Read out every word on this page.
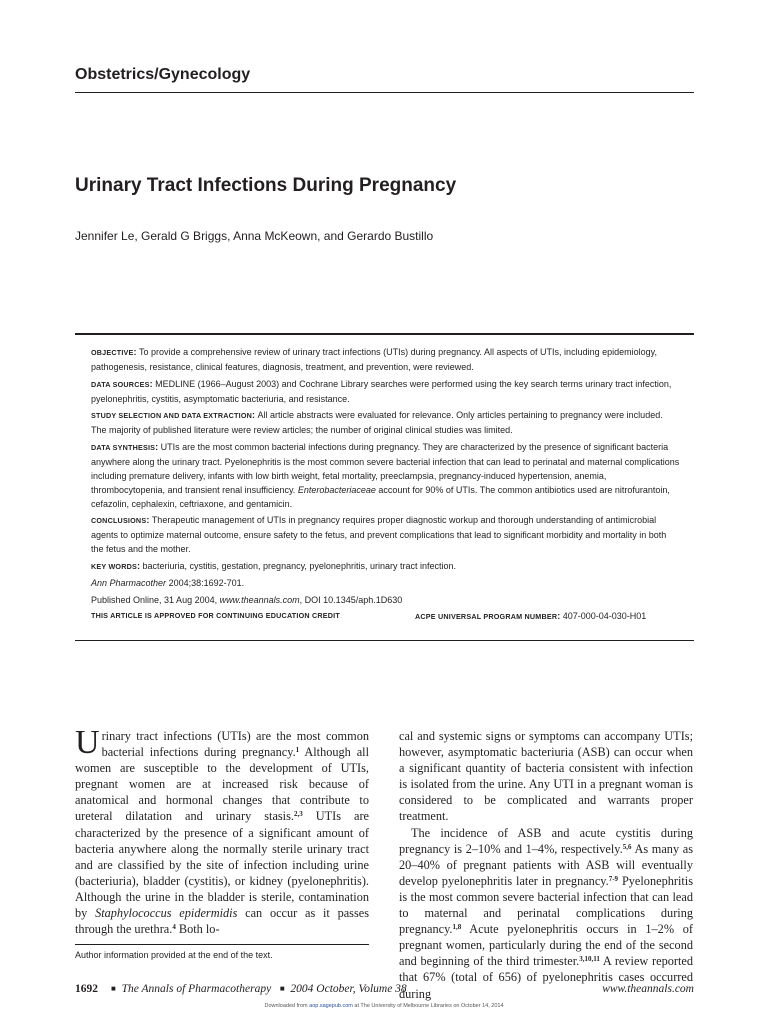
Obstetrics/Gynecology
Urinary Tract Infections During Pregnancy

Jennifer Le, Gerald G Briggs, Anna McKeown, and Gerardo Bustillo

OBJECTIVE: To provide a comprehensive review of urinary tract infections (UTIs) during pregnancy. All aspects of UTIs, including epidemiology, pathogenesis, resistance, clinical features, diagnosis, treatment, and prevention, were reviewed.

DATA SOURCES: MEDLINE (1966–August 2003) and Cochrane Library searches were performed using the key search terms urinary tract infection, pyelonephritis, cystitis, asymptomatic bacteriuria, and resistance.

STUDY SELECTION AND DATA EXTRACTION: All article abstracts were evaluated for relevance. Only articles pertaining to pregnancy were included. The majority of published literature were review articles; the number of original clinical studies was limited.

DATA SYNTHESIS: UTIs are the most common bacterial infections during pregnancy. They are characterized by the presence of significant bacteria anywhere along the urinary tract. Pyelonephritis is the most common severe bacterial infection that can lead to perinatal and maternal complications including premature delivery, infants with low birth weight, fetal mortality, preeclampsia, pregnancy-induced hypertension, anemia, thrombocytopenia, and transient renal insufficiency. Enterobacteriaceae account for 90% of UTIs. The common antibiotics used are nitrofurantoin, cefazolin, cephalexin, ceftriaxone, and gentamicin.

CONCLUSIONS: Therapeutic management of UTIs in pregnancy requires proper diagnostic workup and thorough understanding of antimicrobial agents to optimize maternal outcome, ensure safety to the fetus, and prevent complications that lead to significant morbidity and mortality in both the fetus and the mother.

KEY WORDS: bacteriuria, cystitis, gestation, pregnancy, pyelonephritis, urinary tract infection.

Ann Pharmacother 2004;38:1692-701.

Published Online, 31 Aug 2004, www.theannals.com, DOI 10.1345/aph.1D630

THIS ARTICLE IS APPROVED FOR CONTINUING EDUCATION CREDIT	ACPE UNIVERSAL PROGRAM NUMBER: 407-000-04-030-H01

Urinary tract infections (UTIs) are the most common bacterial infections during pregnancy.$^1$ Although all women are susceptible to the development of UTIs, pregnant women are at increased risk because of anatomical and hormonal changes that contribute to ureteral dilatation and urinary stasis.$^{2,3}$ UTIs are characterized by the presence of a significant amount of bacteria anywhere along the normally sterile urinary tract and are classified by the site of infection including urine (bacteriuria), bladder (cystitis), or kidney (pyelonephritis). Although the urine in the bladder is sterile, contamination by Staphylococcus epidermidis can occur as it passes through the urethra.$^4$ Both lo-

cal and systemic signs or symptoms can accompany UTIs; however, asymptomatic bacteriuria (ASB) can occur when a significant quantity of bacteria consistent with infection is isolated from the urine. Any UTI in a pregnant woman is considered to be complicated and warrants proper treatment.

The incidence of ASB and acute cystitis during pregnancy is 2–10% and 1–4%, respectively.$^{5,6}$ As many as 20–40% of pregnant patients with ASB will eventually develop pyelonephritis later in pregnancy.$^{7-9}$ Pyelonephritis is the most common severe bacterial infection that can lead to maternal and perinatal complications during pregnancy.$^{1,8}$ Acute pyelonephritis occurs in 1–2% of pregnant women, particularly during the end of the second and beginning of the third trimester.$^{3,10,11}$ A review reported that 67% (total of 656) of pyelonephritis cases occurred during

Author information provided at the end of the text.

1692 ■ The Annals of Pharmacotherapy ■ 2004 October, Volume 38	www.theannals.com
Downloaded from aop.sagepub.com at The University of Melbourne Libraries on October 14, 2014
